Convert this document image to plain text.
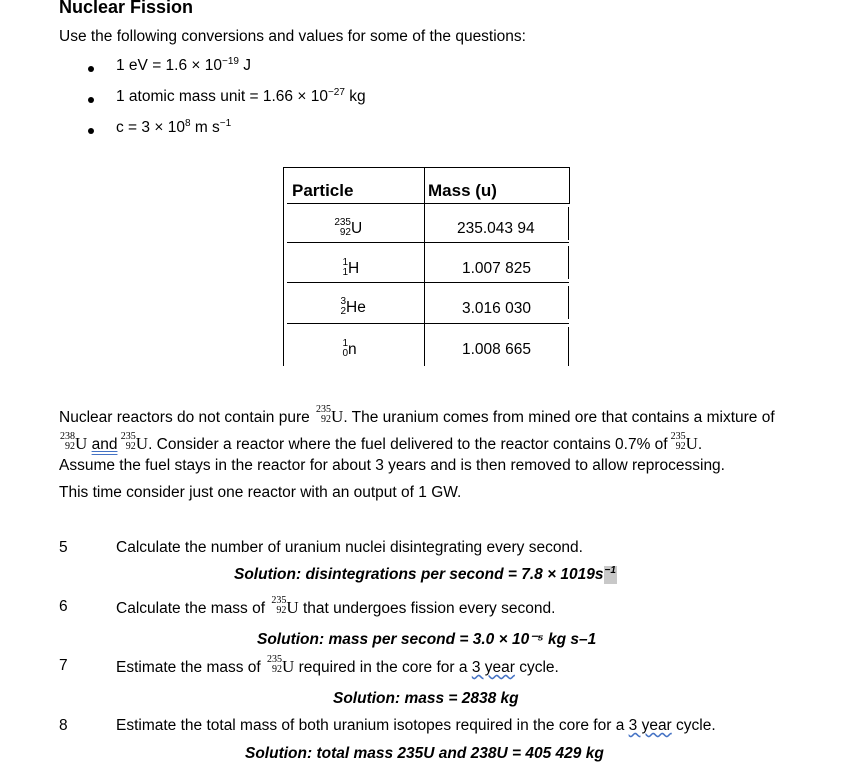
Nuclear Fission
Use the following conversions and values for some of the questions:
1 eV = $1.6 \times 10^{-19}$ J
1 atomic mass unit = $1.66 \times 10^{-27}$ kg
$c = 3 \times 10^8$ m $s^{-1}$
Particle	Mass (u)
235
92 U	235.043 94
1
1 H	1.007 825
3
2 He	3.016 030
1
0 n	1.008 665
Nuclear reactors do not contain pure 235
92 U. The uranium comes from mined ore that contains a mixture of
238
92 U and 235
92 U. Consider a reactor where the fuel delivered to the reactor contains 0.7% of 235
92 U.
Assume the fuel stays in the reactor for about 3 years and is then removed to allow reprocessing.
This time consider just one reactor with an output of 1 GW.
5	Calculate the number of uranium nuclei disintegrating every second.
Solution: disintegrations per second = $7.8 \times 1019s^{-1}$
6	Calculate the mass of 235
92 U that undergoes fission every second.
Solution: mass per second = 3.0 × 10⁻⁵ kg s–1
7	Estimate the mass of 235
92 U required in the core for a 3 year cycle.
Solution: mass = 2838 kg
8	Estimate the total mass of both uranium isotopes required in the core for a 3 year cycle.
Solution: total mass 235U and 238U = 405 429 kg
